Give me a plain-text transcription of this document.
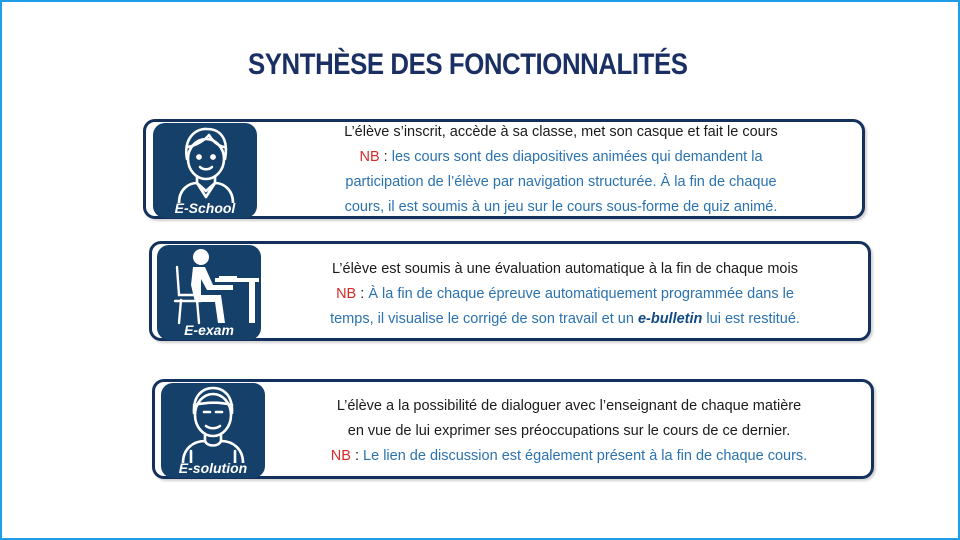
SYNTHÈSE DES FONCTIONNALITÉS
E-School
L’élève s’inscrit, accède à sa classe, met son casque et fait le cours
NB : les cours sont des diapositives animées qui demandent la
participation de l’élève par navigation structurée. À la fin de chaque
cours, il est soumis à un jeu sur le cours sous-forme de quiz animé.
E-exam
L’élève est soumis à une évaluation automatique à la fin de chaque mois
NB : À la fin de chaque épreuve automatiquement programmée dans le
temps, il visualise le corrigé de son travail et un e-bulletin lui est restitué.
E-solution
L’élève a la possibilité de dialoguer avec l’enseignant de chaque matière
en vue de lui exprimer ses préoccupations sur le cours de ce dernier.
NB : Le lien de discussion est également présent à la fin de chaque cours.
